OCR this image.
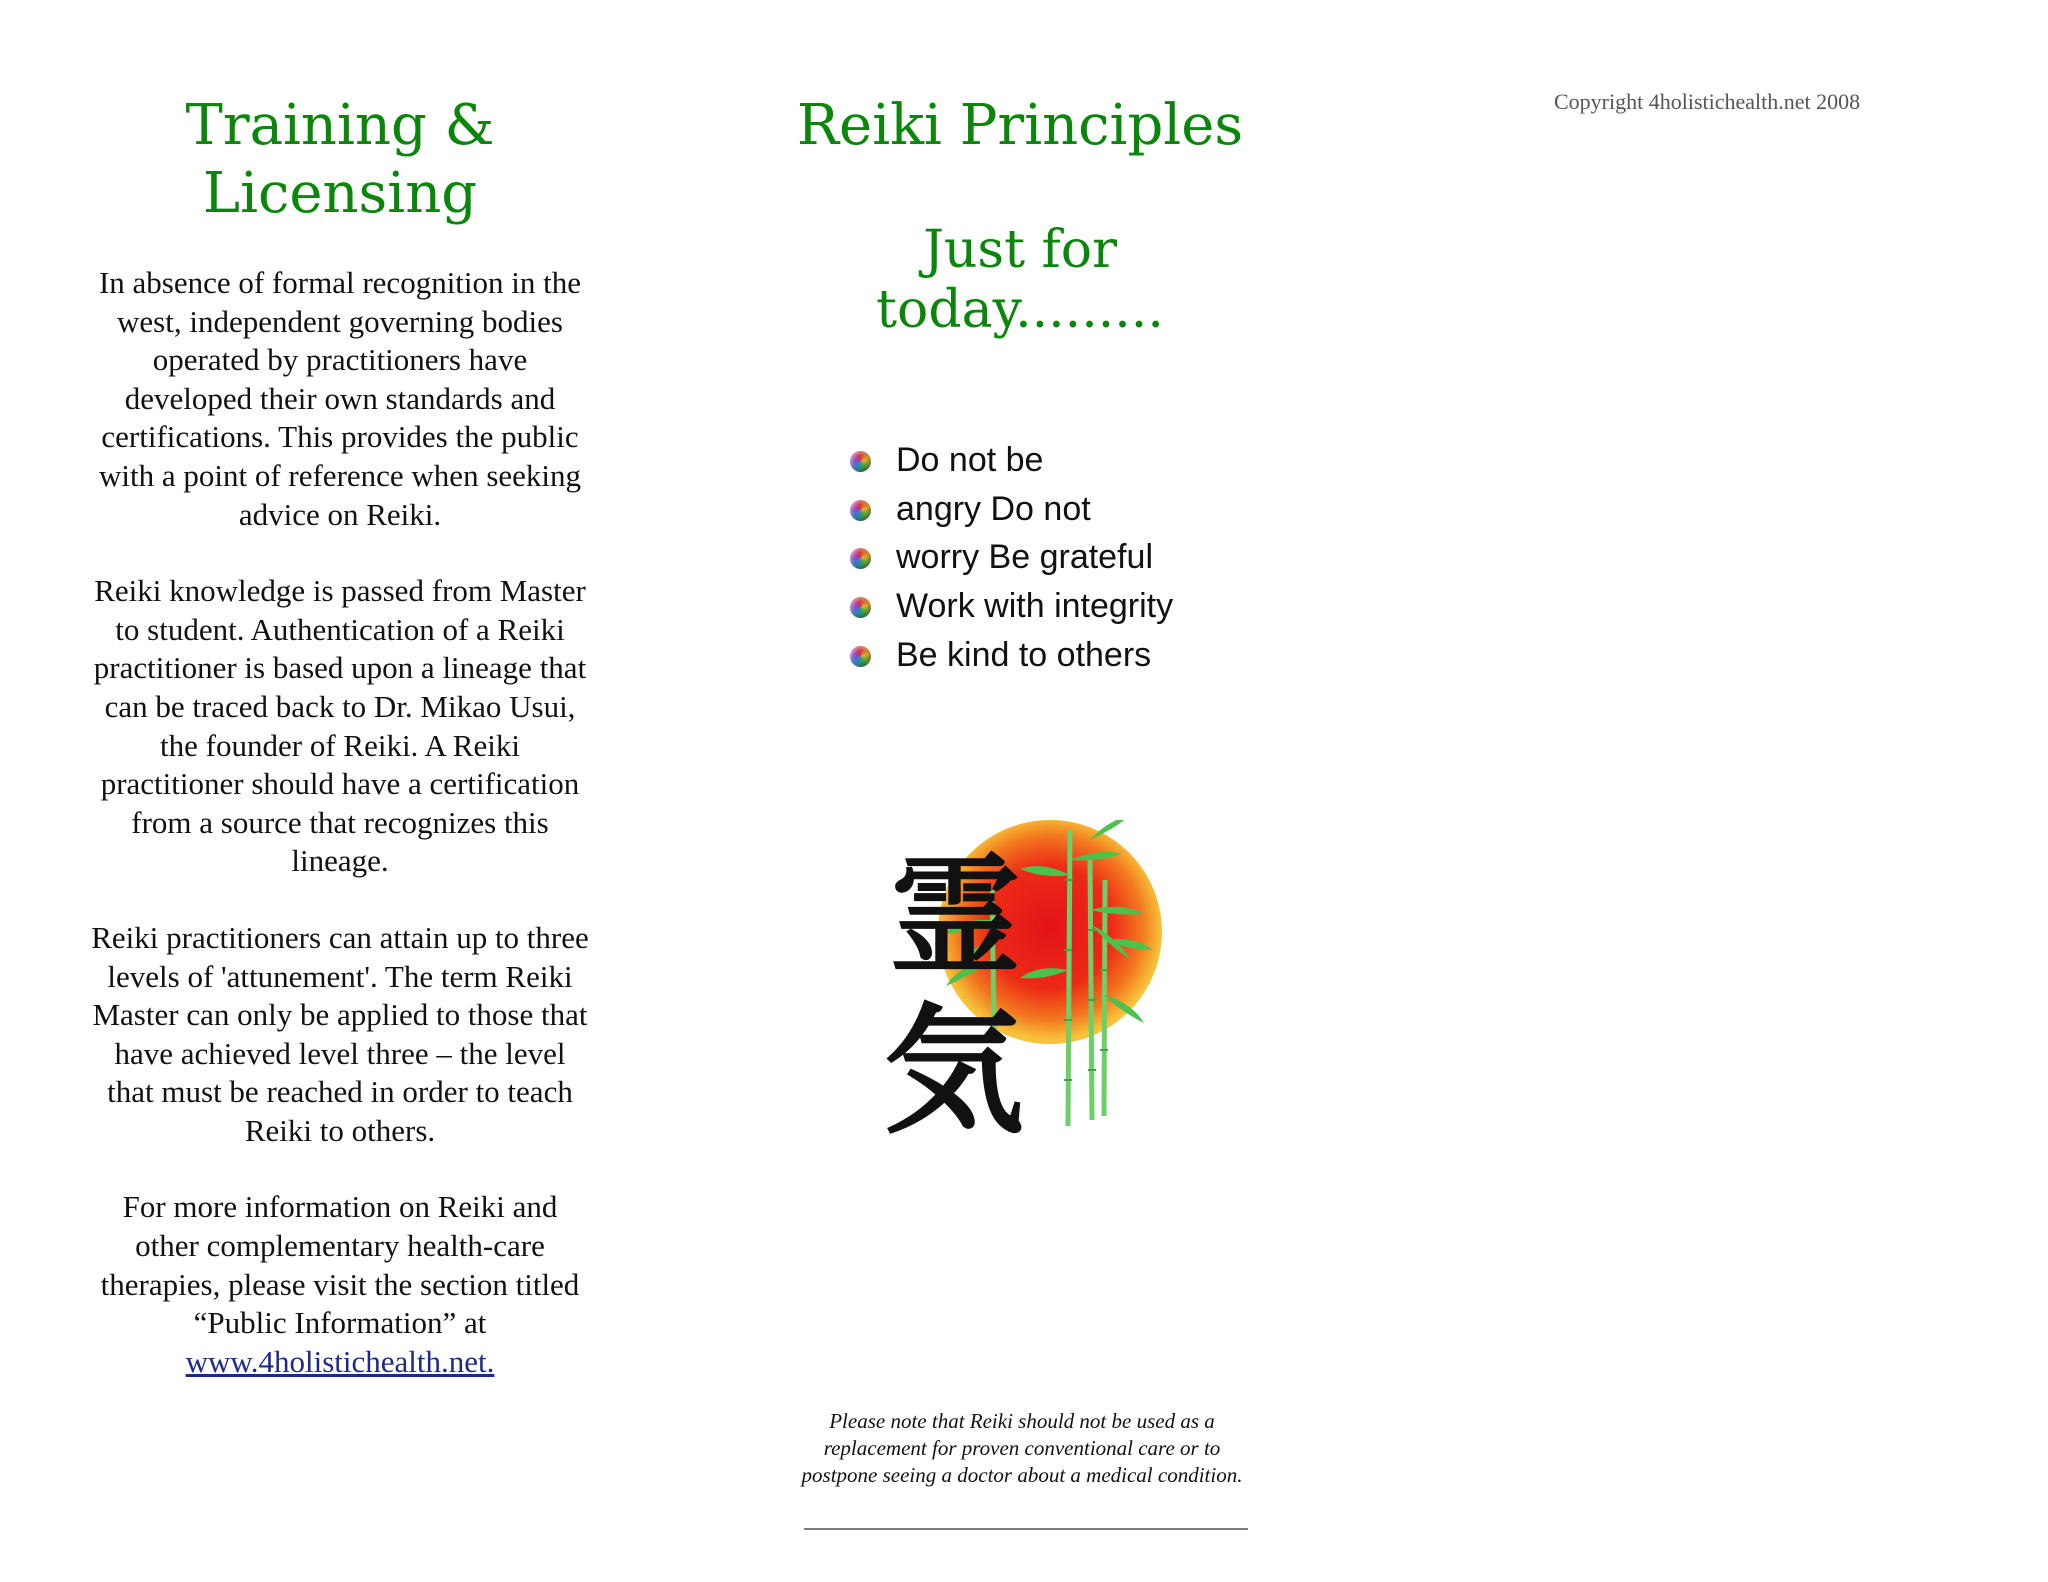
Training & Licensing

In absence of formal recognition in the west, independent governing bodies operated by practitioners have developed their own standards and certifications. This provides the public with a point of reference when seeking advice on Reiki.

Reiki knowledge is passed from Master to student. Authentication of a Reiki practitioner is based upon a lineage that can be traced back to Dr. Mikao Usui, the founder of Reiki. A Reiki practitioner should have a certification from a source that recognizes this lineage.

Reiki practitioners can attain up to three levels of 'attunement'. The term Reiki Master can only be applied to those that have achieved level three – the level that must be reached in order to teach Reiki to others.

For more information on Reiki and other complementary health-care therapies, please visit the section titled “Public Information” at www.4holistichealth.net.

Reiki Principles
Just for today.........
Do not be
angry Do not
worry Be grateful
Work with integrity
Be kind to others
霊
気

Please note that Reiki should not be used as a replacement for proven conventional care or to postpone seeing a doctor about a medical condition.

Copyright 4holistichealth.net 2008
